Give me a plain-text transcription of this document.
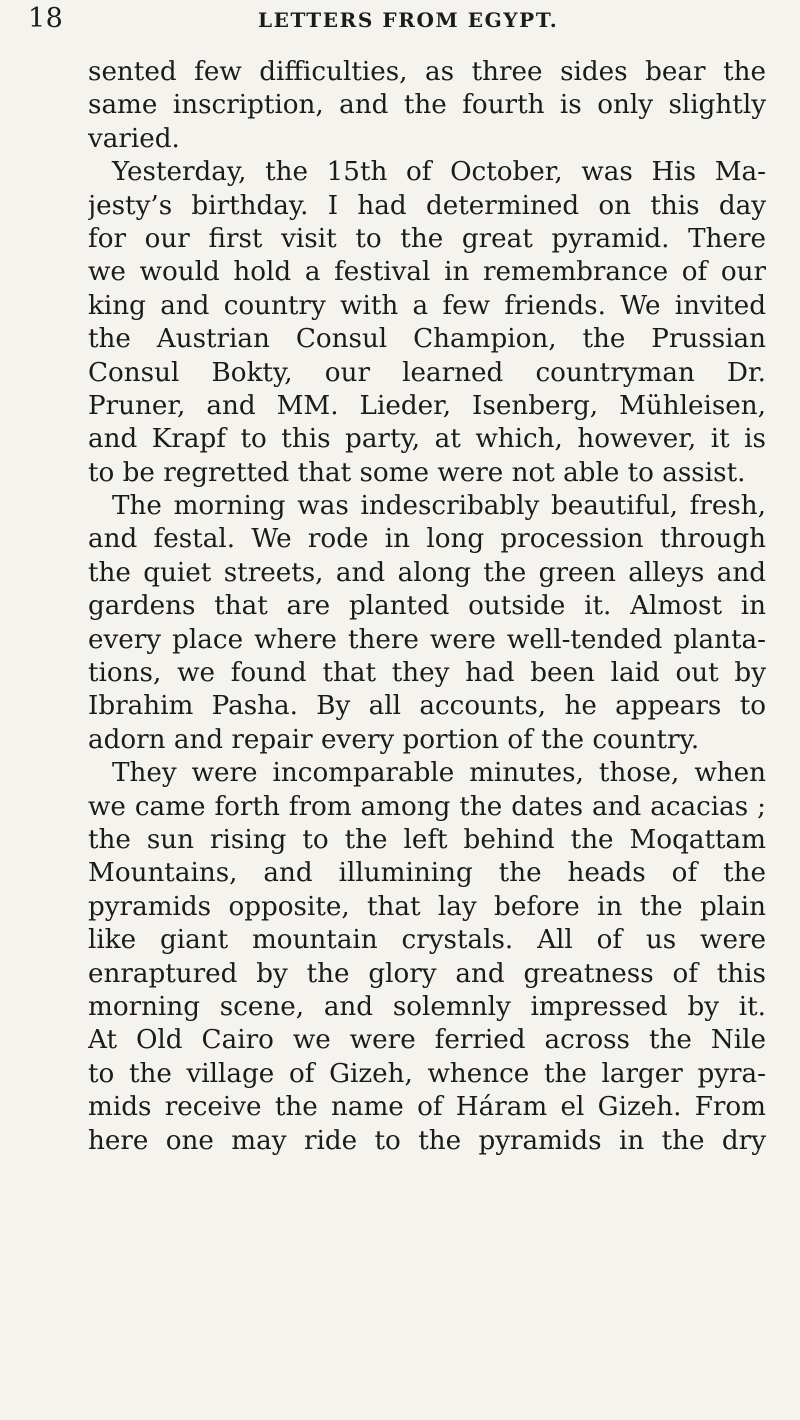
18	LETTERS FROM EGYPT.
sented few difficulties, as three sides bear the
same inscription, and the fourth is only slightly
varied.
Yesterday, the 15th of October, was His Ma-
jesty’s birthday. I had determined on this day
for our first visit to the great pyramid. There
we would hold a festival in remembrance of our
king and country with a few friends. We invited
the Austrian Consul Champion, the Prussian
Consul Bokty, our learned countryman Dr.
Pruner, and MM. Lieder, Isenberg, Mühleisen,
and Krapf to this party, at which, however, it is
to be regretted that some were not able to assist.
The morning was indescribably beautiful, fresh,
and festal. We rode in long procession through
the quiet streets, and along the green alleys and
gardens that are planted outside it. Almost in
every place where there were well-tended planta-
tions, we found that they had been laid out by
Ibrahim Pasha. By all accounts, he appears to
adorn and repair every portion of the country.
They were incomparable minutes, those, when
we came forth from among the dates and acacias ;
the sun rising to the left behind the Moqattam
Mountains, and illumining the heads of the
pyramids opposite, that lay before in the plain
like giant mountain crystals. All of us were
enraptured by the glory and greatness of this
morning scene, and solemnly impressed by it.
At Old Cairo we were ferried across the Nile
to the village of Gizeh, whence the larger pyra-
mids receive the name of Háram el Gizeh. From
here one may ride to the pyramids in the dry
